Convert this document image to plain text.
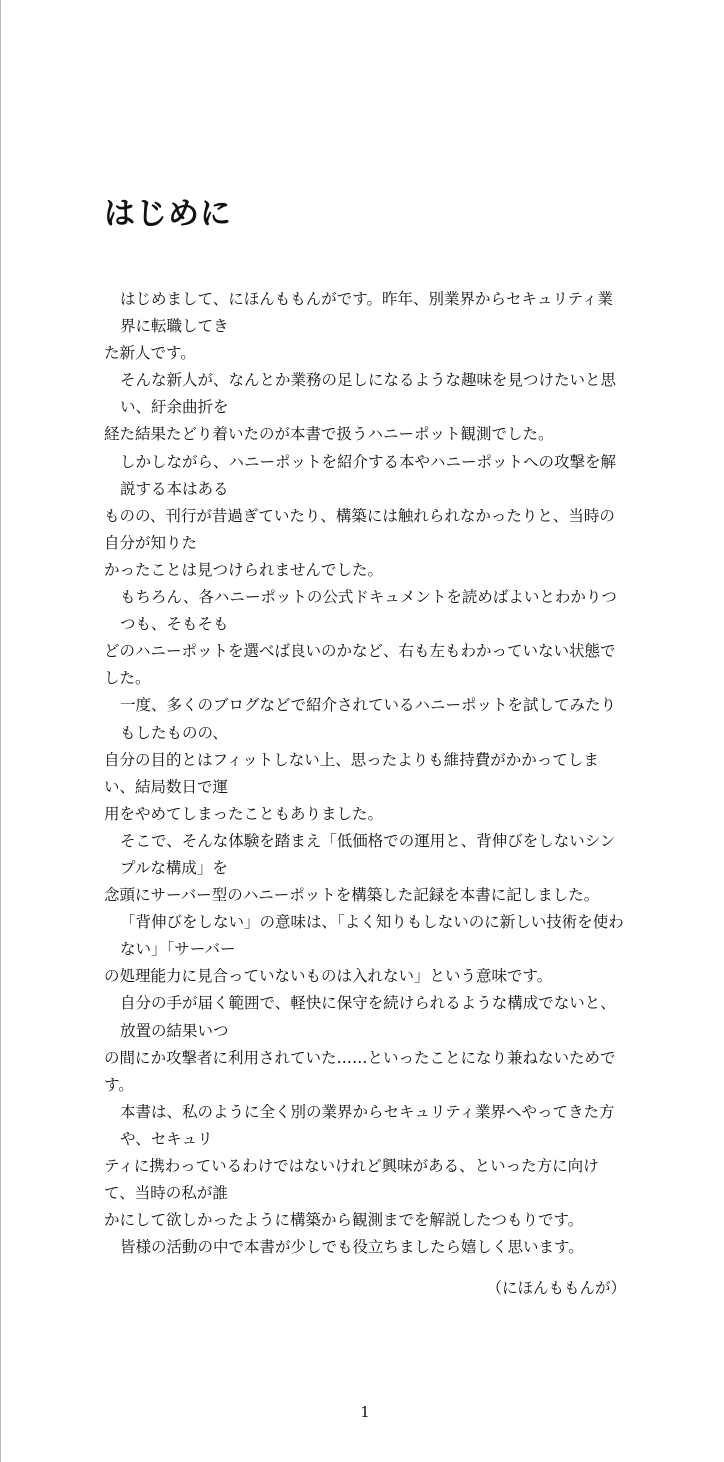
はじめに
はじめまして、にほんももんがです。昨年、別業界からセキュリティ業界に転職してき
た新人です。
そんな新人が、なんとか業務の足しになるような趣味を見つけたいと思い、紆余曲折を
経た結果たどり着いたのが本書で扱うハニーポット観測でした。
しかしながら、ハニーポットを紹介する本やハニーポットへの攻撃を解説する本はある
ものの、刊行が昔過ぎていたり、構築には触れられなかったりと、当時の自分が知りた
かったことは見つけられませんでした。
もちろん、各ハニーポットの公式ドキュメントを読めばよいとわかりつつも、そもそも
どのハニーポットを選べば良いのかなど、右も左もわかっていない状態でした。
一度、多くのブログなどで紹介されているハニーポットを試してみたりもしたものの、
自分の目的とはフィットしない上、思ったよりも維持費がかかってしまい、結局数日で運
用をやめてしまったこともありました。
そこで、そんな体験を踏まえ「低価格での運用と、背伸びをしないシンプルな構成」を
念頭にサーバー型のハニーポットを構築した記録を本書に記しました。
「背伸びをしない」の意味は、「よく知りもしないのに新しい技術を使わない」「サーバー
の処理能力に見合っていないものは入れない」という意味です。
自分の手が届く範囲で、軽快に保守を続けられるような構成でないと、放置の結果いつ
の間にか攻撃者に利用されていた……といったことになり兼ねないためです。
本書は、私のように全く別の業界からセキュリティ業界へやってきた方や、セキュリ
ティに携わっているわけではないけれど興味がある、といった方に向けて、当時の私が誰
かにして欲しかったように構築から観測までを解説したつもりです。
皆様の活動の中で本書が少しでも役立ちましたら嬉しく思います。
（にほんももんが）
1
